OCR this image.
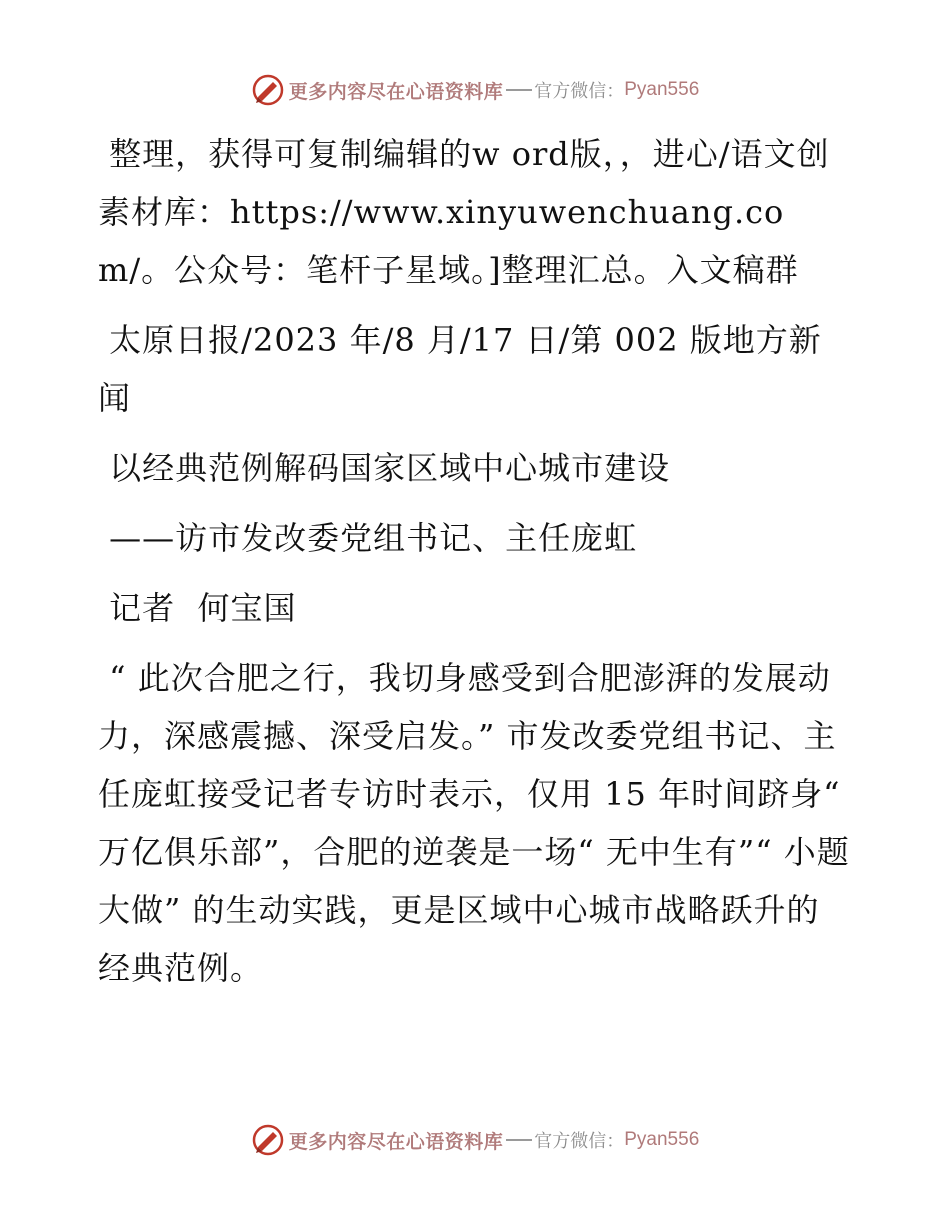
更多内容尽在心语资料库 官方微信： Pyan556

整理，获得可复制编辑的w ord版，，进心/语文创素材库：https://www.xinyuwenchuang.com/。公众号：笔杆子星域。]整理汇总。入文稿群

太原日报/2023 年/8 月/17 日/第 002 版地方新闻

以经典范例解码国家区域中心城市建设

——访市发改委党组书记、主任庞虹

记者  何宝国

“ 此次合肥之行，我切身感受到合肥澎湃的发展动力，深感震撼、深受启发。” 市发改委党组书记、主任庞虹接受记者专访时表示，仅用 15 年时间跻身“ 万亿俱乐部”，合肥的逆袭是一场“ 无中生有”“ 小题大做” 的生动实践，更是区域中心城市战略跃升的经典范例。

更多内容尽在心语资料库 官方微信： Pyan556
